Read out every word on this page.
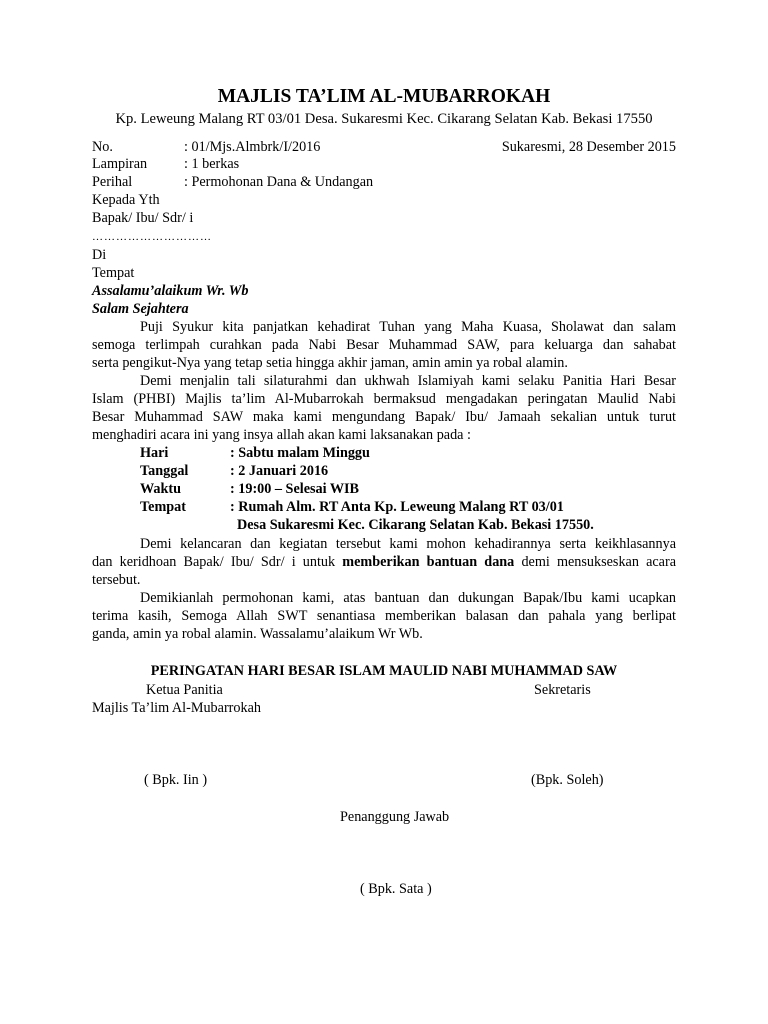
MAJLIS TA’LIM AL-MUBARROKAH
Kp. Leweung Malang RT 03/01 Desa. Sukaresmi Kec. Cikarang Selatan Kab. Bekasi 17550
No.	: 01/Mjs.Almbrk/I/2016	Sukaresmi, 28 Desember 2015
Lampiran	: 1 berkas
Perihal	: Permohonan Dana & Undangan
Kepada Yth
Bapak/ Ibu/ Sdr/ i
…………………………
Di
Tempat
Assalamu’alaikum Wr. Wb
Salam Sejahtera
Puji Syukur kita panjatkan kehadirat Tuhan yang Maha Kuasa, Sholawat dan salam
semoga terlimpah curahkan pada Nabi Besar Muhammad SAW, para keluarga dan sahabat
serta pengikut-Nya yang tetap setia hingga akhir jaman, amin amin ya robal alamin.
Demi menjalin tali silaturahmi dan ukhwah Islamiyah kami selaku Panitia Hari Besar
Islam (PHBI) Majlis ta’lim Al-Mubarrokah bermaksud mengadakan peringatan Maulid Nabi
Besar Muhammad SAW maka kami mengundang Bapak/ Ibu/ Jamaah sekalian untuk turut
menghadiri acara ini yang insya allah akan kami laksanakan pada :
Hari	: Sabtu malam Minggu
Tanggal	: 2 Januari 2016
Waktu	: 19:00 – Selesai WIB
Tempat	: Rumah Alm. RT Anta Kp. Leweung Malang RT 03/01
Desa Sukaresmi Kec. Cikarang Selatan Kab. Bekasi 17550.
Demi kelancaran dan kegiatan tersebut kami mohon kehadirannya serta keikhlasannya
dan keridhoan Bapak/ Ibu/ Sdr/ i untuk memberikan bantuan dana demi mensukseskan acara
tersebut.
Demikianlah permohonan kami, atas bantuan dan dukungan Bapak/Ibu kami ucapkan
terima kasih, Semoga Allah SWT senantiasa memberikan balasan dan pahala yang berlipat
ganda, amin ya robal alamin. Wassalamu’alaikum Wr Wb.
PERINGATAN HARI BESAR ISLAM MAULID NABI MUHAMMAD SAW
Ketua Panitia	Sekretaris
Majlis Ta’lim Al-Mubarrokah
( Bpk. Iin )	(Bpk. Soleh)
Penanggung Jawab
( Bpk. Sata )
